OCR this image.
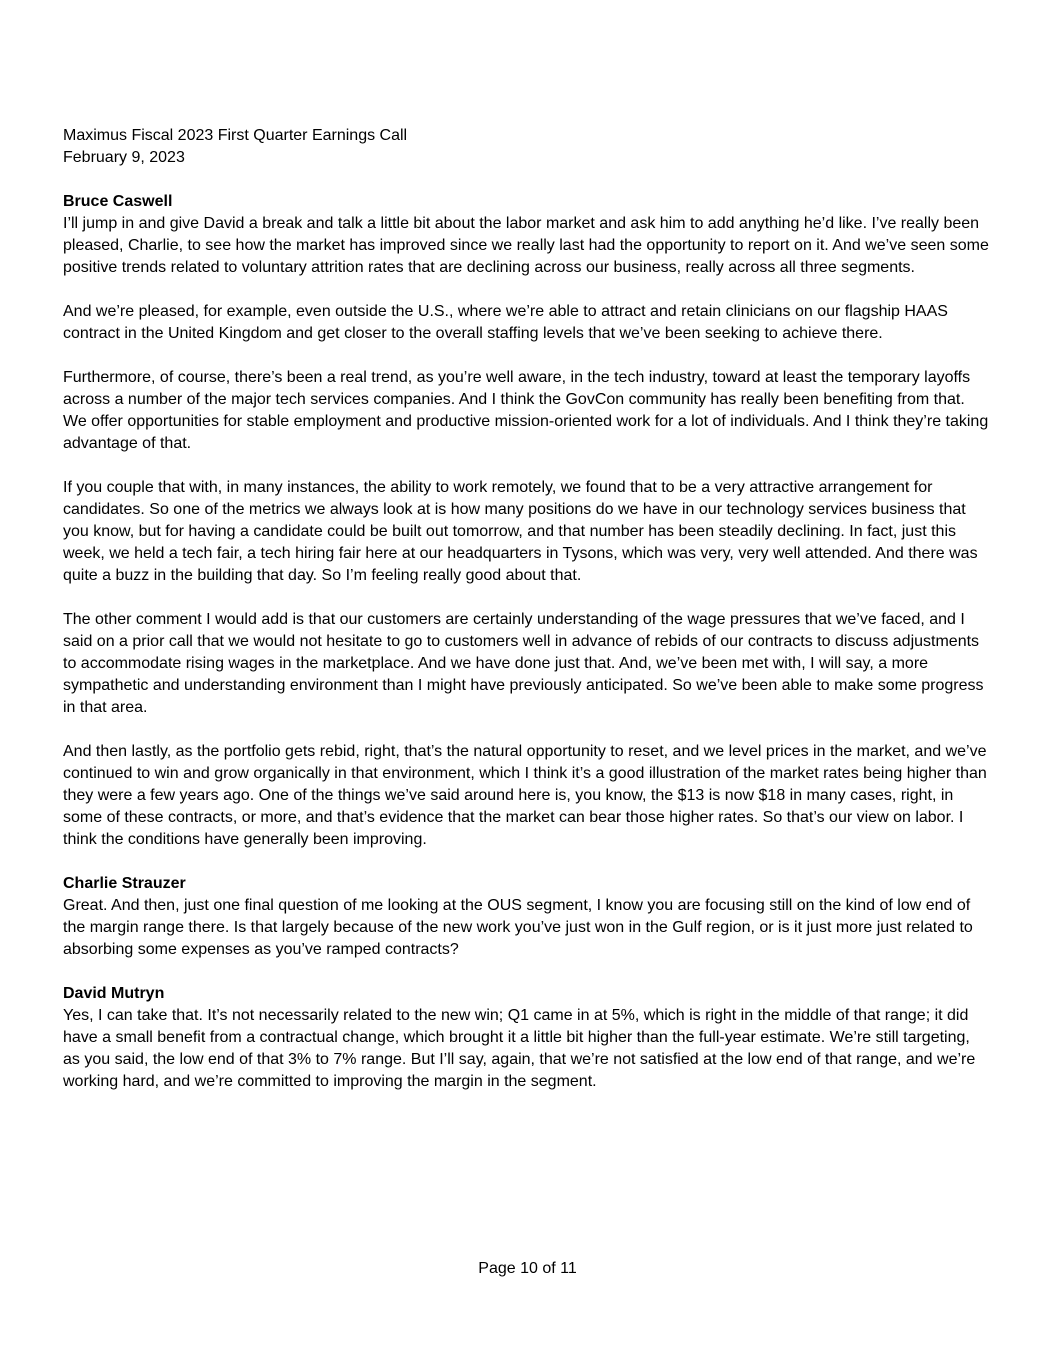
Maximus Fiscal 2023 First Quarter Earnings Call
February 9, 2023
Bruce Caswell

I’ll jump in and give David a break and talk a little bit about the labor market and ask him to add anything he’d like. I’ve really been pleased, Charlie, to see how the market has improved since we really last had the opportunity to report on it. And we’ve seen some positive trends related to voluntary attrition rates that are declining across our business, really across all three segments.

And we’re pleased, for example, even outside the U.S., where we’re able to attract and retain clinicians on our flagship HAAS contract in the United Kingdom and get closer to the overall staffing levels that we’ve been seeking to achieve there.

Furthermore, of course, there’s been a real trend, as you’re well aware, in the tech industry, toward at least the temporary layoffs across a number of the major tech services companies. And I think the GovCon community has really been benefiting from that. We offer opportunities for stable employment and productive mission-oriented work for a lot of individuals. And I think they’re taking advantage of that.

If you couple that with, in many instances, the ability to work remotely, we found that to be a very attractive arrangement for candidates. So one of the metrics we always look at is how many positions do we have in our technology services business that you know, but for having a candidate could be built out tomorrow, and that number has been steadily declining. In fact, just this week, we held a tech fair, a tech hiring fair here at our headquarters in Tysons, which was very, very well attended. And there was quite a buzz in the building that day. So I’m feeling really good about that.

The other comment I would add is that our customers are certainly understanding of the wage pressures that we’ve faced, and I said on a prior call that we would not hesitate to go to customers well in advance of rebids of our contracts to discuss adjustments to accommodate rising wages in the marketplace. And we have done just that. And, we’ve been met with, I will say, a more sympathetic and understanding environment than I might have previously anticipated. So we’ve been able to make some progress in that area.

And then lastly, as the portfolio gets rebid, right, that’s the natural opportunity to reset, and we level prices in the market, and we’ve continued to win and grow organically in that environment, which I think it’s a good illustration of the market rates being higher than they were a few years ago. One of the things we’ve said around here is, you know, the $13 is now $18 in many cases, right, in some of these contracts, or more, and that’s evidence that the market can bear those higher rates. So that’s our view on labor. I think the conditions have generally been improving.

Charlie Strauzer

Great. And then, just one final question of me looking at the OUS segment, I know you are focusing still on the kind of low end of the margin range there. Is that largely because of the new work you’ve just won in the Gulf region, or is it just more just related to absorbing some expenses as you’ve ramped contracts?

David Mutryn

Yes, I can take that. It’s not necessarily related to the new win; Q1 came in at 5%, which is right in the middle of that range; it did have a small benefit from a contractual change, which brought it a little bit higher than the full-year estimate. We’re still targeting, as you said, the low end of that 3% to 7% range. But I’ll say, again, that we’re not satisfied at the low end of that range, and we’re working hard, and we’re committed to improving the margin in the segment.

Page 10 of 11
